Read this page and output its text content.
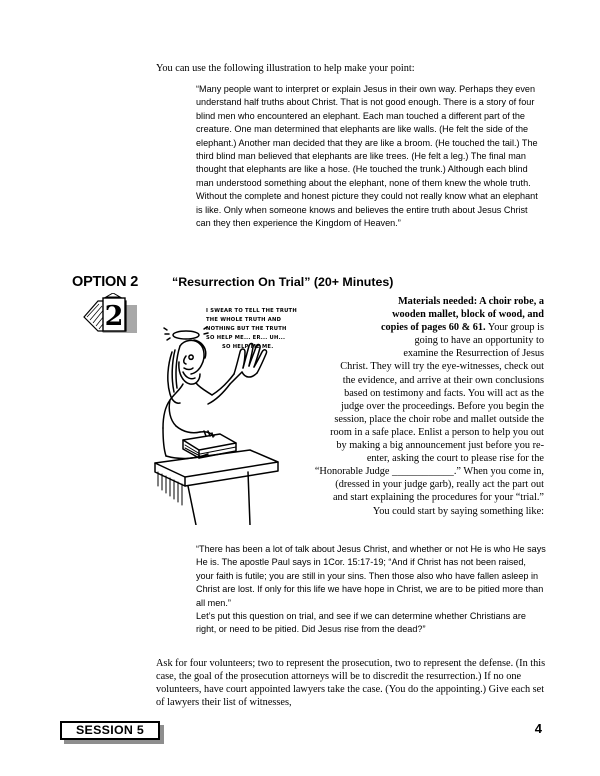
You can use the following illustration to help make your point:
“Many people want to interpret or explain Jesus in their own way. Perhaps they even understand half truths about Christ. That is not good enough. There is a story of four blind men who encountered an elephant. Each man touched a different part of the creature. One man determined that elephants are like walls. (He felt the side of the elephant.) Another man decided that they are like a broom. (He touched the tail.) The third blind man believed that elephants are like trees. (He felt a leg.) The final man thought that elephants are like a hose. (He touched the trunk.) Although each blind man understood something about the elephant, none of them knew the whole truth. Without the complete and honest picture they could not really know what an elephant is like. Only when someone knows and believes the entire truth about Jesus Christ can they then experience the Kingdom of Heaven.”
OPTION 2	“Resurrection On Trial” (20+ Minutes)
2	I SWEAR TO TELL THE TRUTH
THE WHOLE TRUTH AND
NOTHING BUT THE TRUTH
SO HELP ME... ER... UH...
SO HELP ME ME.
Materials needed: A choir robe, a
wooden mallet, block of wood, and
copies of pages 60 & 61. Your group is
going to have an opportunity to
examine the Resurrection of Jesus
Christ. They will try the eye-witnesses, check out
the evidence, and arrive at their own conclusions
based on testimony and facts. You will act as the
judge over the proceedings. Before you begin the
session, place the choir robe and mallet outside the
room in a safe place. Enlist a person to help you out
by making a big announcement just before you re-
enter, asking the court to please rise for the
“Honorable Judge ____________.” When you come in,
(dressed in your judge garb), really act the part out
and start explaining the procedures for your “trial.”
You could start by saying something like:
“There has been a lot of talk about Jesus Christ, and whether or not He is who He says He is. The apostle Paul says in 1Cor. 15:17-19; “And if Christ has not been raised, your faith is futile; you are still in your sins. Then those also who have fallen asleep in Christ are lost. If only for this life we have hope in Christ, we are to be pitied more than all men.”
Let’s put this question on trial, and see if we can determine whether Christians are right, or need to be pitied. Did Jesus rise from the dead?”
Ask for four volunteers; two to represent the prosecution, two to represent the defense. (In this case, the goal of the prosecution attorneys will be to discredit the resurrection.) If no one volunteers, have court appointed lawyers take the case. (You do the appointing.) Give each set of lawyers their list of witnesses,
SESSION 5	4
